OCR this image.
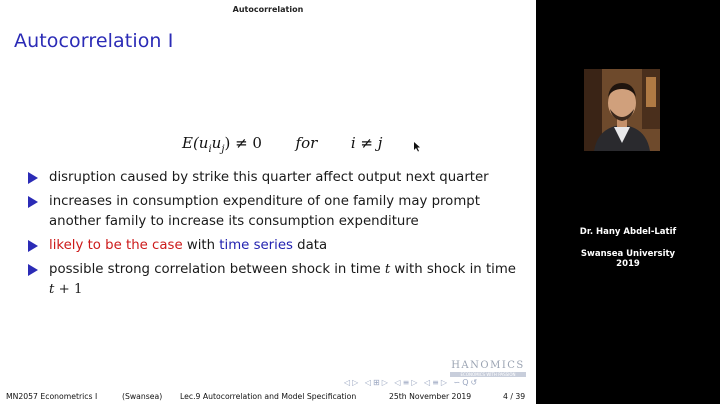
Autocorrelation
Autocorrelation I
$E(u_iu_j) \ne 0$ for i ≠ j
disruption caused by strike this quarter affect output next quarter
increases in consumption expenditure of one family may prompt another family to increase its consumption expenditure
likely to be the case with time series data
possible strong correlation between shock in time t with shock in time
t + 1
HANOMICS
ECONOMICS WITH PASSION
◁▷ ◁⊞▷ ◁≡▷ ◁≡▷ ∽Q↺
MN2057 Econometrics I	(Swansea) Lec.9 Autocorrelation and Model Specification	25th November 2019	4 / 39
Dr. Hany Abdel-Latif
Swansea University
2019
